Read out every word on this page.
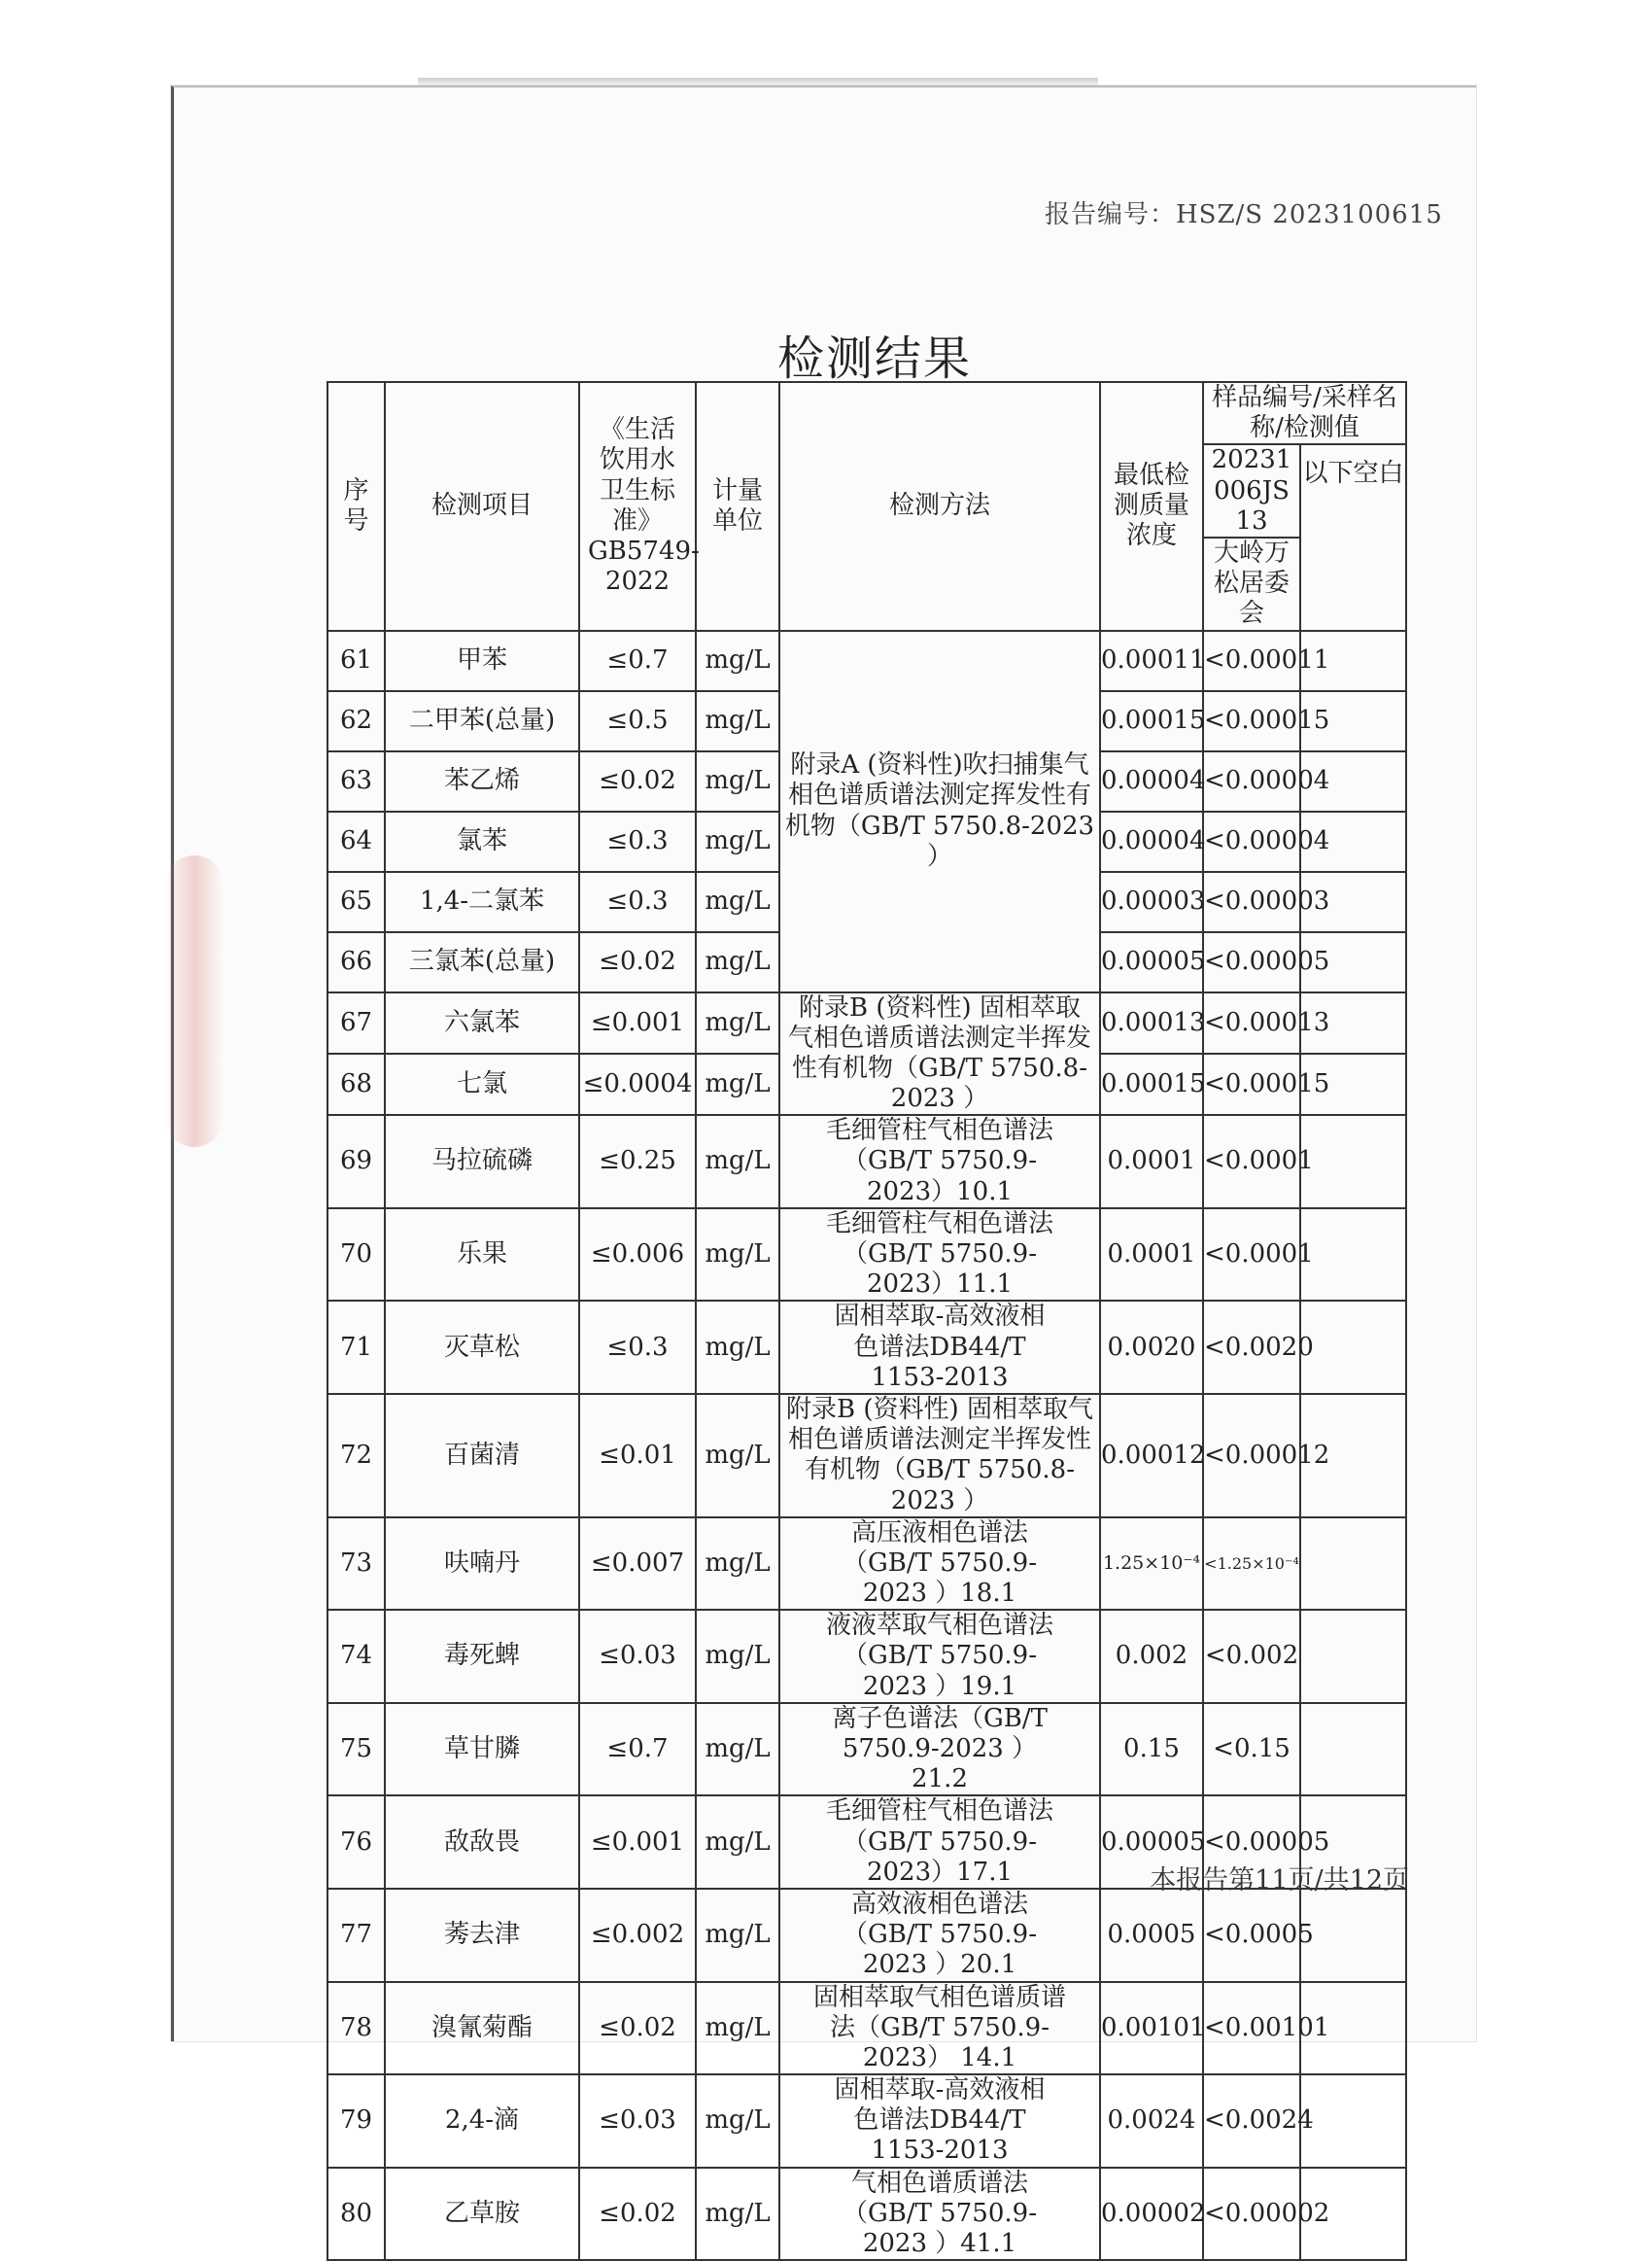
报告编号：HSZ/S 2023100615
检测结果
序号	检测项目	《生活饮用水卫生标准》GB5749-2022	计量单位	检测方法	最低检测质量浓度	样品编号/采样名称/检测值	
						20231006JS13	以下空白
						大岭万松居委会	
61	甲苯	≤0.7	mg/L	附录A (资料性)吹扫捕集气相色谱质谱法测定挥发性有机物（GB/T 5750.8-2023 ）	0.00011	<0.00011	
62	二甲苯(总量)	≤0.5	mg/L		0.00015	<0.00015	
63	苯乙烯	≤0.02	mg/L		0.00004	<0.00004	
64	氯苯	≤0.3	mg/L		0.00004	<0.00004	
65	1,4-二氯苯	≤0.3	mg/L		0.00003	<0.00003	
66	三氯苯(总量)	≤0.02	mg/L		0.00005	<0.00005	
67	六氯苯	≤0.001	mg/L	附录B (资料性) 固相萃取气相色谱质谱法测定半挥发性有机物（GB/T 5750.8-2023 ）	0.00013	<0.00013	
68	七氯	≤0.0004	mg/L		0.00015	<0.00015	
69	马拉硫磷	≤0.25	mg/L	毛细管柱气相色谱法（GB/T 5750.9-2023）10.1	0.0001	<0.0001	
70	乐果	≤0.006	mg/L	毛细管柱气相色谱法（GB/T 5750.9-2023）11.1	0.0001	<0.0001	
71	灭草松	≤0.3	mg/L	固相萃取-高效液相色谱法DB44/T 1153-2013	0.0020	<0.0020	
72	百菌清	≤0.01	mg/L	附录B (资料性) 固相萃取气相色谱质谱法测定半挥发性有机物（GB/T 5750.8-2023 ）	0.00012	<0.00012	
73	呋喃丹	≤0.007	mg/L	高压液相色谱法（GB/T 5750.9-2023 ）18.1	1.25×10⁻⁴	<1.25×10⁻⁴	
74	毒死蜱	≤0.03	mg/L	液液萃取气相色谱法（GB/T 5750.9-2023 ）19.1	0.002	<0.002	
75	草甘膦	≤0.7	mg/L	离子色谱法（GB/T 5750.9-2023 ）21.2	0.15	<0.15	
76	敌敌畏	≤0.001	mg/L	毛细管柱气相色谱法（GB/T 5750.9-2023）17.1	0.00005	<0.00005	
77	莠去津	≤0.002	mg/L	高效液相色谱法（GB/T 5750.9-2023 ）20.1	0.0005	<0.0005	
78	溴氰菊酯	≤0.02	mg/L	固相萃取气相色谱质谱法（GB/T 5750.9-2023） 14.1	0.00101	<0.00101	
79	2,4-滴	≤0.03	mg/L	固相萃取-高效液相色谱法DB44/T 1153-2013	0.0024	<0.0024	
80	乙草胺	≤0.02	mg/L	气相色谱质谱法（GB/T 5750.9-2023 ）41.1	0.00002	<0.00002	
本报告第11页/共12页
